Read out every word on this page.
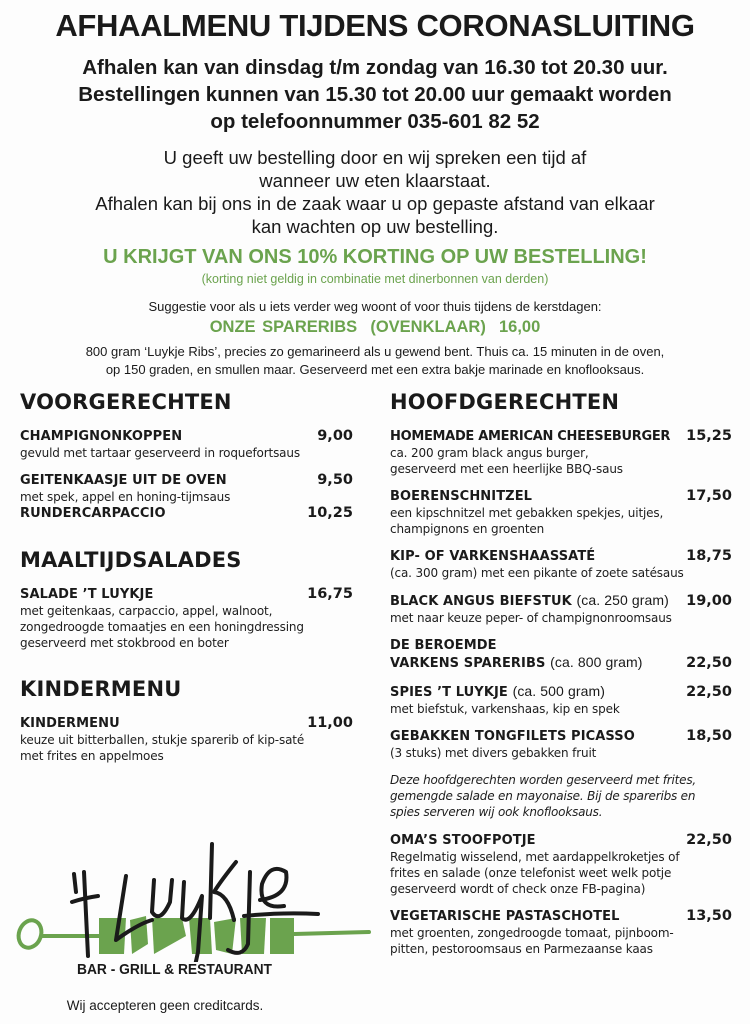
AFHAALMENU TIJDENS CORONASLUITING
Afhalen kan van dinsdag t/m zondag van 16.30 tot 20.30 uur.
Bestellingen kunnen van 15.30 tot 20.00 uur gemaakt worden
op telefoonnummer 035-601 82 52
U geeft uw bestelling door en wij spreken een tijd af
wanneer uw eten klaarstaat.
Afhalen kan bij ons in de zaak waar u op gepaste afstand van elkaar
kan wachten op uw bestelling.
U KRIJGT VAN ONS 10% KORTING OP UW BESTELLING!
(korting niet geldig in combinatie met dinerbonnen van derden)
Suggestie voor als u iets verder weg woont of voor thuis tijdens de kerstdagen:
ONZE SPARERIBS  (OVENKLAAR)  16,00
800 gram ‘Luykje Ribs’, precies zo gemarineerd als u gewend bent. Thuis ca. 15 minuten in de oven,
op 150 graden, en smullen maar. Geserveerd met een extra bakje marinade en knoflooksaus.
VOORGERECHTEN
CHAMPIGNONKOPPEN	9,00
gevuld met tartaar geserveerd in roquefortsaus
GEITENKAASJE UIT DE OVEN	9,50
met spek, appel en honing-tijmsaus
RUNDERCARPACCIO	10,25
MAALTIJDSALADES
SALADE ’T LUYKJE	16,75
met geitenkaas, carpaccio, appel, walnoot,
zongedroogde tomaatjes en een honingdressing
geserveerd met stokbrood en boter
KINDERMENU
KINDERMENU	11,00
keuze uit bitterballen, stukje sparerib of kip-saté
met frites en appelmoes
HOOFDGERECHTEN
HOMEMADE AMERICAN CHEESEBURGER 15,25
ca. 200 gram black angus burger,
geserveerd met een heerlijke BBQ-saus
BOERENSCHNITZEL	17,50
een kipschnitzel met gebakken spekjes, uitjes,
champignons en groenten
KIP- OF VARKENSHAASSATÉ	18,75
(ca. 300 gram) met een pikante of zoete satésaus
BLACK ANGUS BIEFSTUK (ca. 250 gram) 19,00
met naar keuze peper- of champignonroomsaus
DE BEROEMDE
VARKENS SPARERIBS (ca. 800 gram)	22,50
SPIES ’T LUYKJE (ca. 500 gram)	22,50
met biefstuk, varkenshaas, kip en spek
GEBAKKEN TONGFILETS PICASSO	18,50
(3 stuks) met divers gebakken fruit
Deze hoofdgerechten worden geserveerd met frites,
gemengde salade en mayonaise. Bij de spareribs en
spies serveren wij ook knoflooksaus.
OMA’S STOOFPOTJE	22,50
Regelmatig wisselend, met aardappelkroketjes of
frites en salade (onze telefonist weet welk potje
geserveerd wordt of check onze FB-pagina)
VEGETARISCHE PASTASCHOTEL	13,50
met groenten, zongedroogde tomaat, pijnboom-
pitten, pestoroomsaus en Parmezaanse kaas
BAR - GRILL & RESTAURANT
Wij accepteren geen creditcards.
